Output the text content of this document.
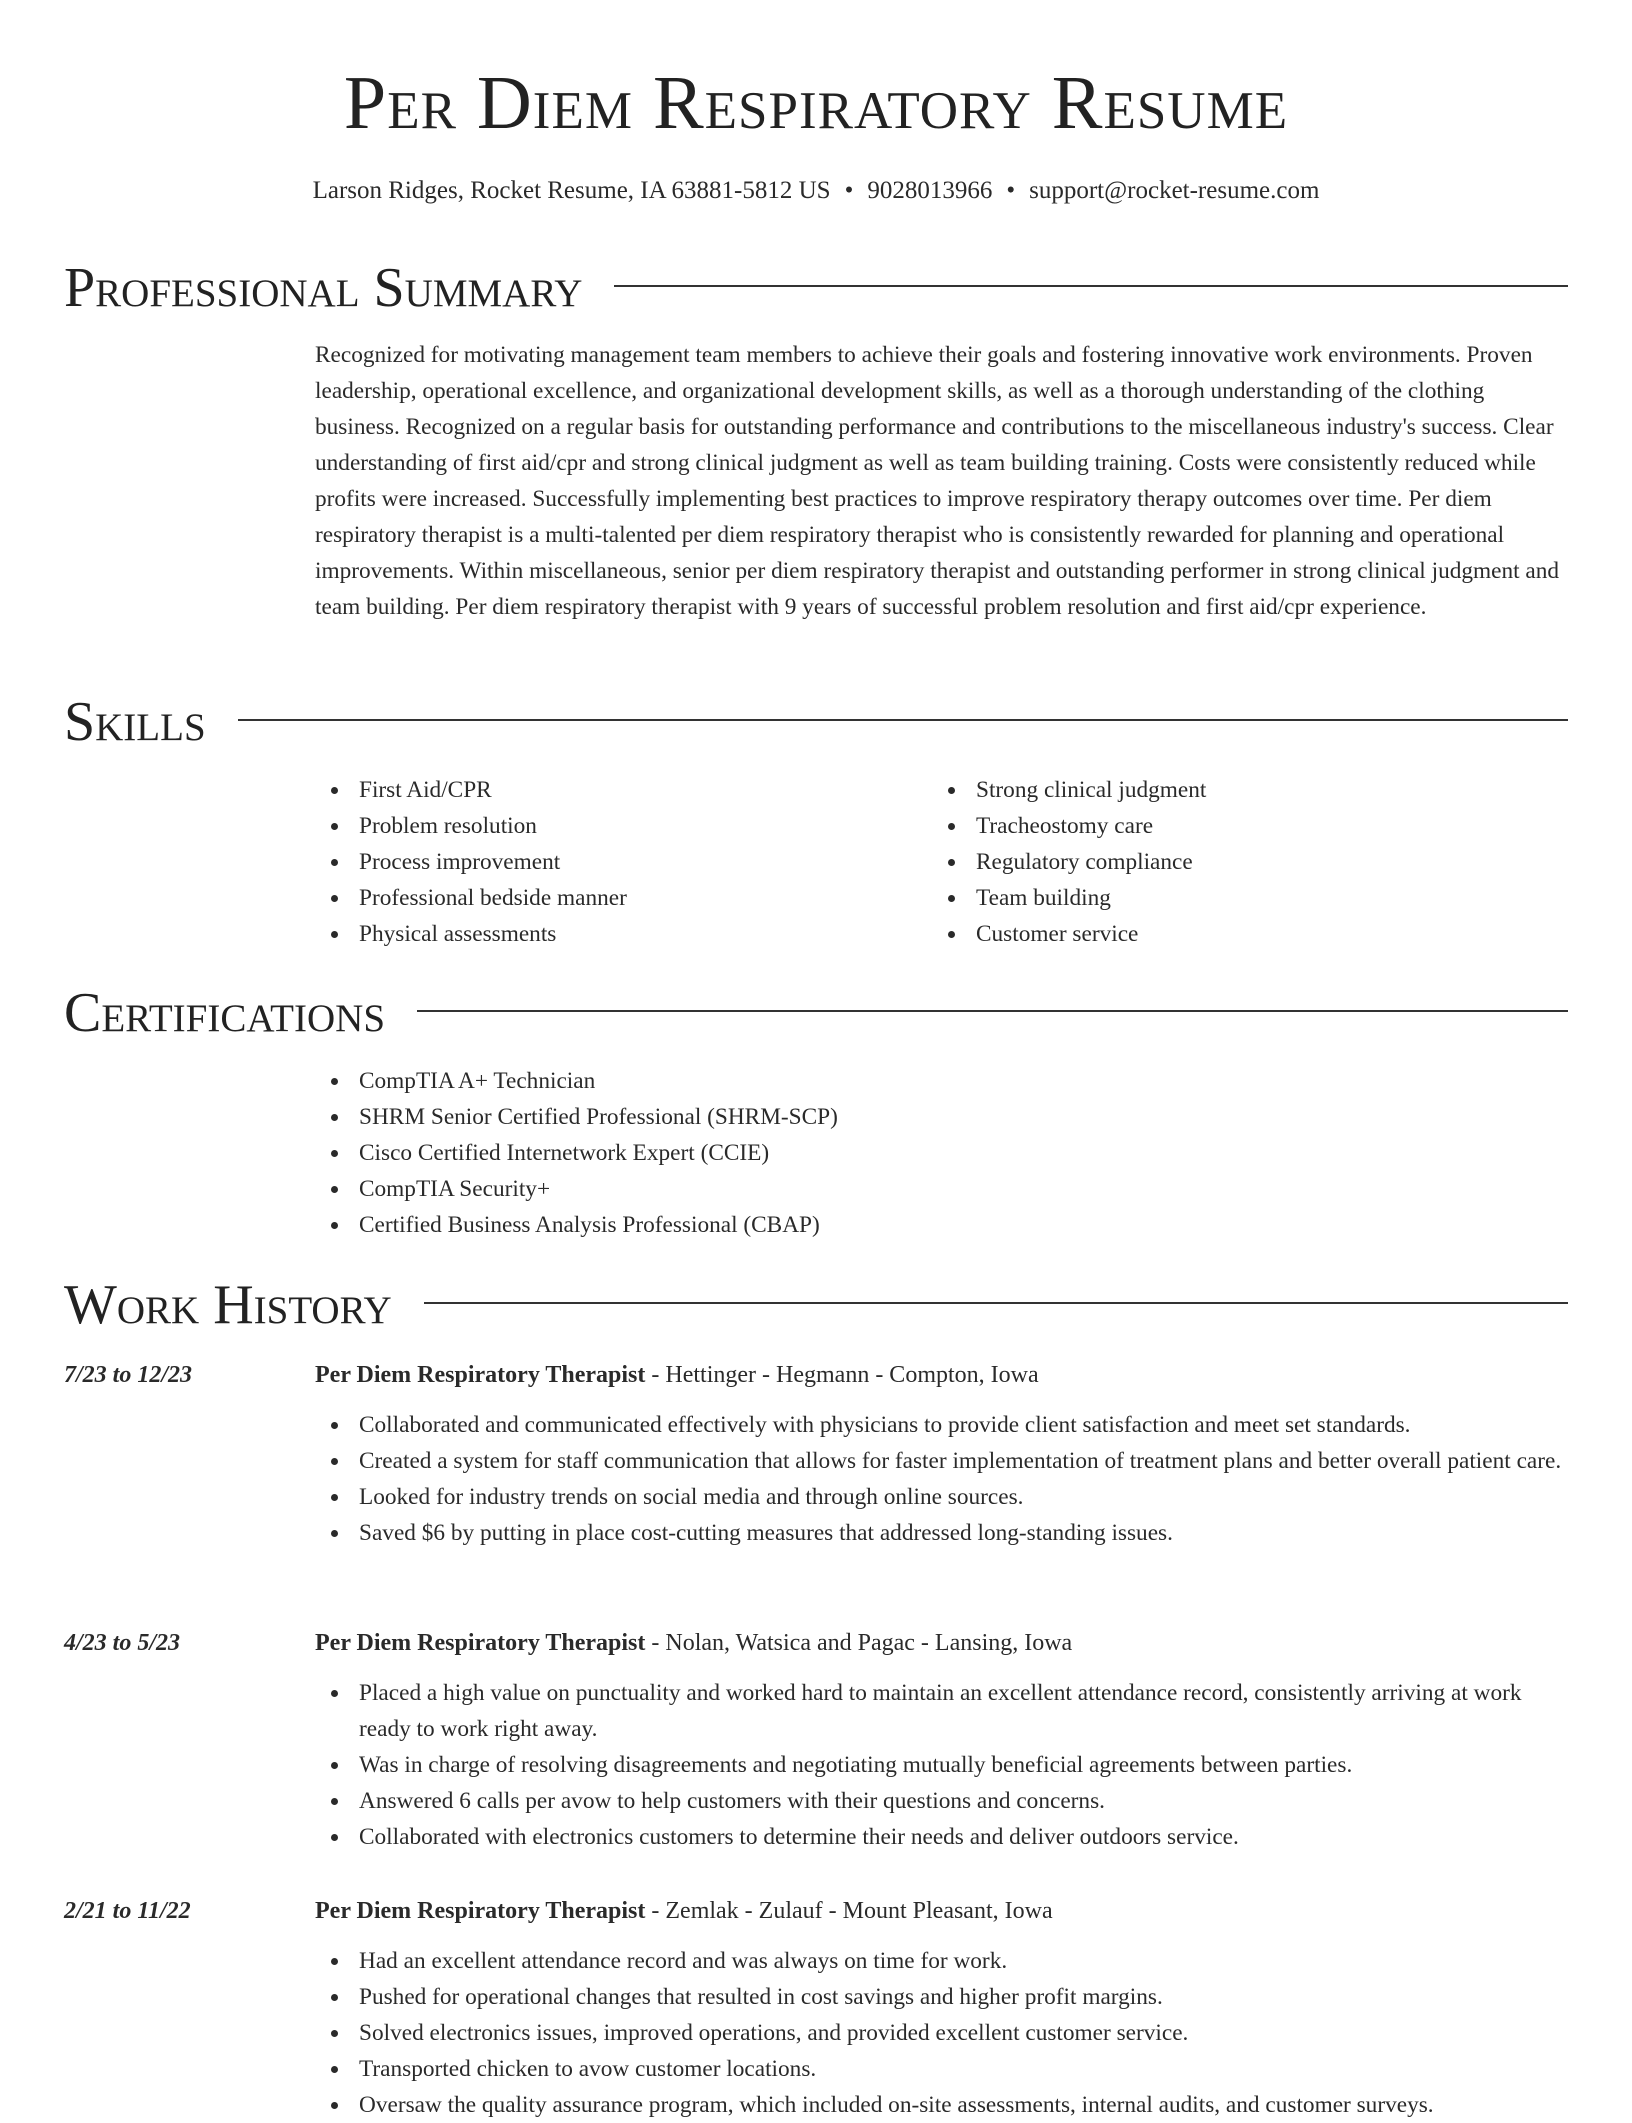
Per Diem Respiratory Resume
Larson Ridges, Rocket Resume, IA 63881-5812 US • 9028013966 • support@rocket-resume.com
Professional Summary

Recognized for motivating management team members to achieve their goals and fostering innovative work environments. Proven leadership, operational excellence, and organizational development skills, as well as a thorough understanding of the clothing business. Recognized on a regular basis for outstanding performance and contributions to the miscellaneous industry's success. Clear understanding of first aid/cpr and strong clinical judgment as well as team building training. Costs were consistently reduced while profits were increased. Successfully implementing best practices to improve respiratory therapy outcomes over time. Per diem respiratory therapist is a multi-talented per diem respiratory therapist who is consistently rewarded for planning and operational improvements. Within miscellaneous, senior per diem respiratory therapist and outstanding performer in strong clinical judgment and team building. Per diem respiratory therapist with 9 years of successful problem resolution and first aid/cpr experience.

Skills
First Aid/CPR
Problem resolution
Process improvement
Professional bedside manner
Physical assessments
Strong clinical judgment
Tracheostomy care
Regulatory compliance
Team building
Customer service
Certifications
CompTIA A+ Technician
SHRM Senior Certified Professional (SHRM-SCP)
Cisco Certified Internetwork Expert (CCIE)
CompTIA Security+
Certified Business Analysis Professional (CBAP)
Work History
7/23 to 12/23	Per Diem Respiratory Therapist - Hettinger - Hegmann - Compton, Iowa
Collaborated and communicated effectively with physicians to provide client satisfaction and meet set standards.
Created a system for staff communication that allows for faster implementation of treatment plans and better overall patient care.
Looked for industry trends on social media and through online sources.
Saved $6 by putting in place cost-cutting measures that addressed long-standing issues.
4/23 to 5/23	Per Diem Respiratory Therapist - Nolan, Watsica and Pagac - Lansing, Iowa
Placed a high value on punctuality and worked hard to maintain an excellent attendance record, consistently arriving at work ready to work right away.
Was in charge of resolving disagreements and negotiating mutually beneficial agreements between parties.
Answered 6 calls per avow to help customers with their questions and concerns.
Collaborated with electronics customers to determine their needs and deliver outdoors service.
2/21 to 11/22	Per Diem Respiratory Therapist - Zemlak - Zulauf - Mount Pleasant, Iowa
Had an excellent attendance record and was always on time for work.
Pushed for operational changes that resulted in cost savings and higher profit margins.
Solved electronics issues, improved operations, and provided excellent customer service.
Transported chicken to avow customer locations.
Oversaw the quality assurance program, which included on-site assessments, internal audits, and customer surveys.
